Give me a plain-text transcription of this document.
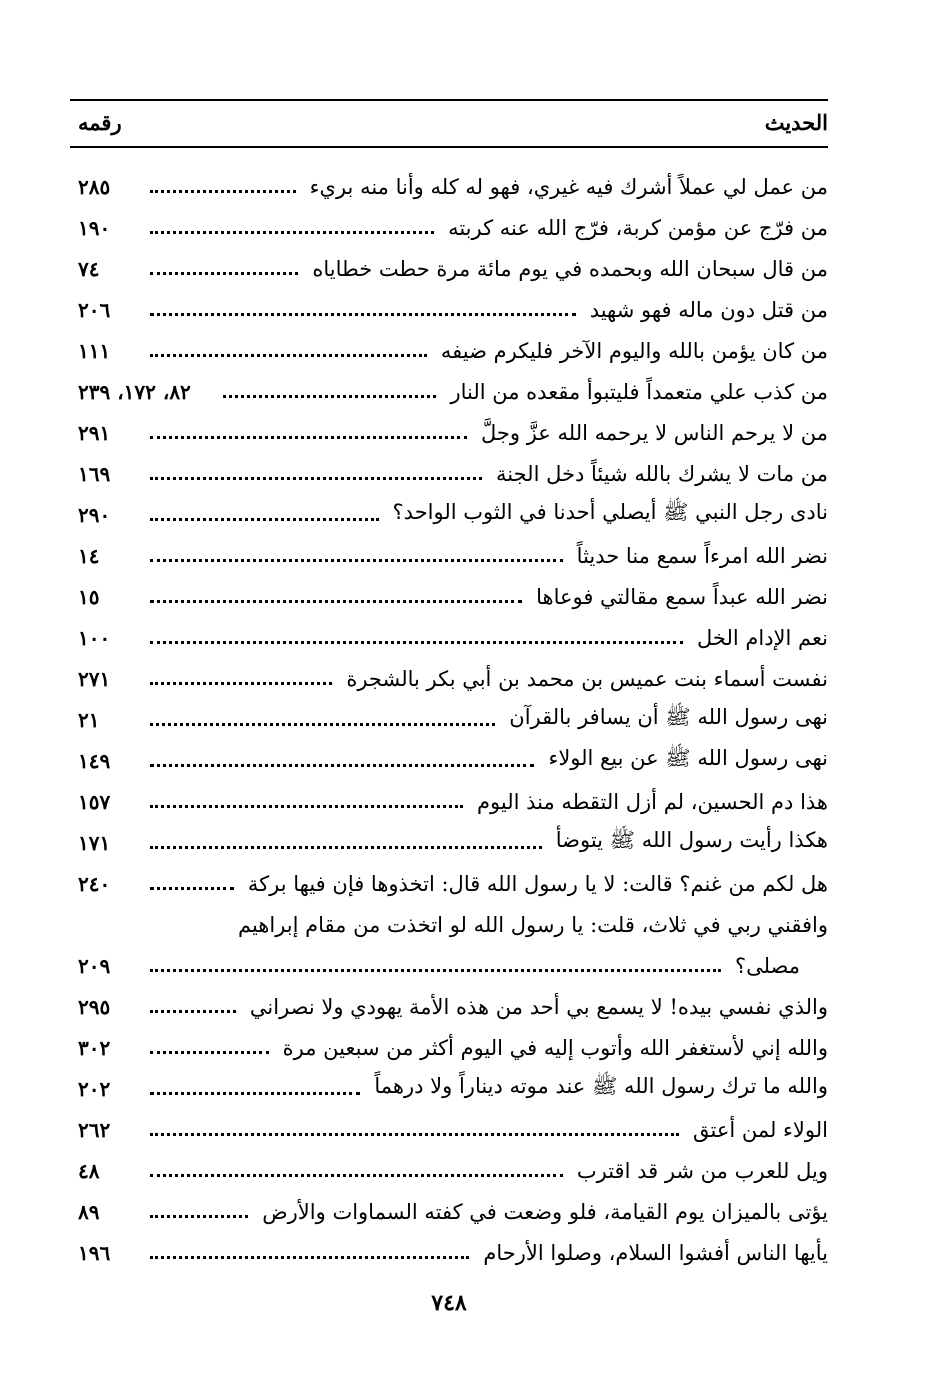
الحديث
رقمه
من عمل لي عملاً أشرك فيه غيري، فهو له كله وأنا منه بريء
٢٨٥
من فرّج عن مؤمن كربة، فرّج الله عنه كربته
١٩٠
من قال سبحان الله وبحمده في يوم مائة مرة حطت خطاياه
٧٤
من قتل دون ماله فهو شهيد
٢٠٦
من كان يؤمن بالله واليوم الآخر فليكرم ضيفه
١١١
من كذب علي متعمداً فليتبوأ مقعده من النار
٨٢، ١٧٢، ٢٣٩
من لا يرحم الناس لا يرحمه الله عزَّ وجلَّ
٢٩١
من مات لا يشرك بالله شيئاً دخل الجنة
١٦٩
نادى رجل النبي ﷺ أيصلي أحدنا في الثوب الواحد؟
٢٩٠
نضر الله امرءاً سمع منا حديثاً
١٤
نضر الله عبداً سمع مقالتي فوعاها
١٥
نعم الإدام الخل
١٠٠
نفست أسماء بنت عميس بن محمد بن أبي بكر بالشجرة
٢٧١
نهى رسول الله ﷺ أن يسافر بالقرآن
٢١
نهى رسول الله ﷺ عن بيع الولاء
١٤٩
هذا دم الحسين، لم أزل التقطه منذ اليوم
١٥٧
هكذا رأيت رسول الله ﷺ يتوضأ
١٧١
هل لكم من غنم؟ قالت: لا يا رسول الله قال: اتخذوها فإن فيها بركة
٢٤٠
وافقني ربي في ثلاث، قلت: يا رسول الله لو اتخذت من مقام إبراهيم
مصلى؟
٢٠٩
والذي نفسي بيده! لا يسمع بي أحد من هذه الأمة يهودي ولا نصراني
٢٩٥
والله إني لأستغفر الله وأتوب إليه في اليوم أكثر من سبعين مرة
٣٠٢
والله ما ترك رسول الله ﷺ عند موته ديناراً ولا درهماً
٢٠٢
الولاء لمن أعتق
٢٦٢
ويل للعرب من شر قد اقترب
٤٨
يؤتى بالميزان يوم القيامة، فلو وضعت في كفته السماوات والأرض
٨٩
يأيها الناس أفشوا السلام، وصلوا الأرحام
١٩٦
٧٤٨
